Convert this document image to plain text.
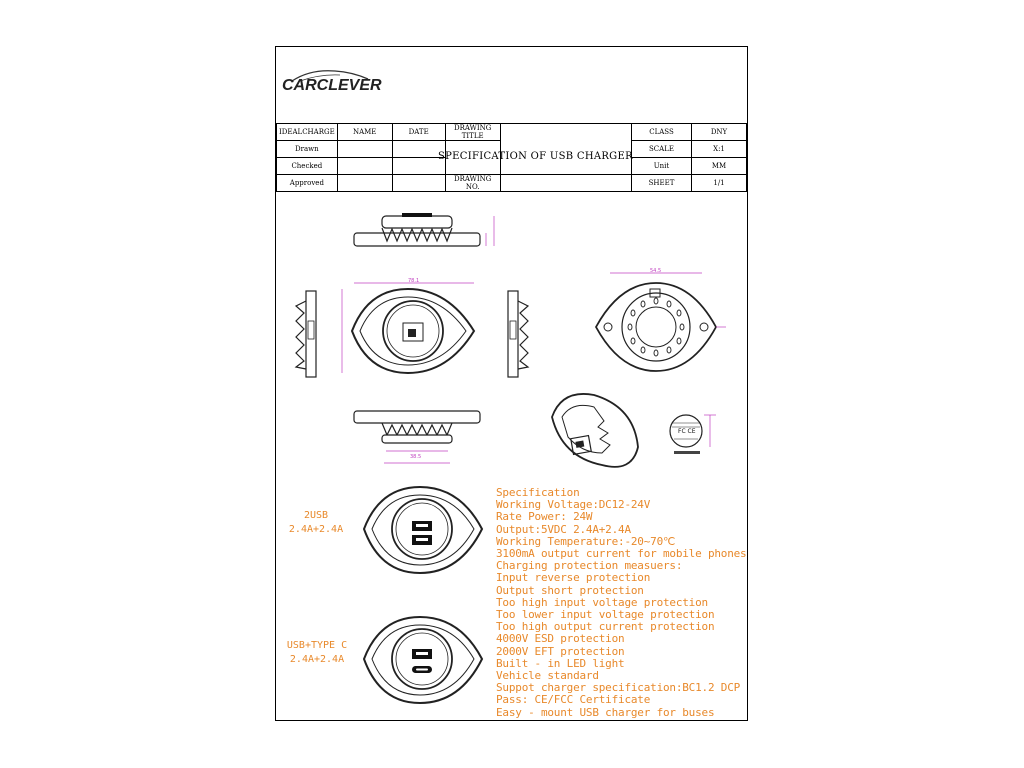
CARCLEVER
IDEALCHARGE	NAME	DATE	DRAWING TITLE		CLASS	DNY
Drawn					SCALE	X:1
Checked					Unit	MM
Approved			DRAWING NO.		SHEET	1/1
SPECIFICATION OF USB CHARGER
78.1
54.5
38.5
FC CE
2USB
2.4A+2.4A
USB+TYPE C
2.4A+2.4A
Specification
Working Voltage:DC12-24V
Rate Power: 24W
Output:5VDC 2.4A+2.4A
Working Temperature:-20~70℃
3100mA output current for mobile phones
Charging protection measuers:
Input reverse protection
Output short protection
Too high input voltage protection
Too lower input voltage protection
Too high output current protection
4000V ESD protection
2000V EFT protection
Built - in LED light
Vehicle standard
Suppot charger specification:BC1.2 DCP
Pass: CE/FCC Certificate
Easy - mount USB charger for buses
